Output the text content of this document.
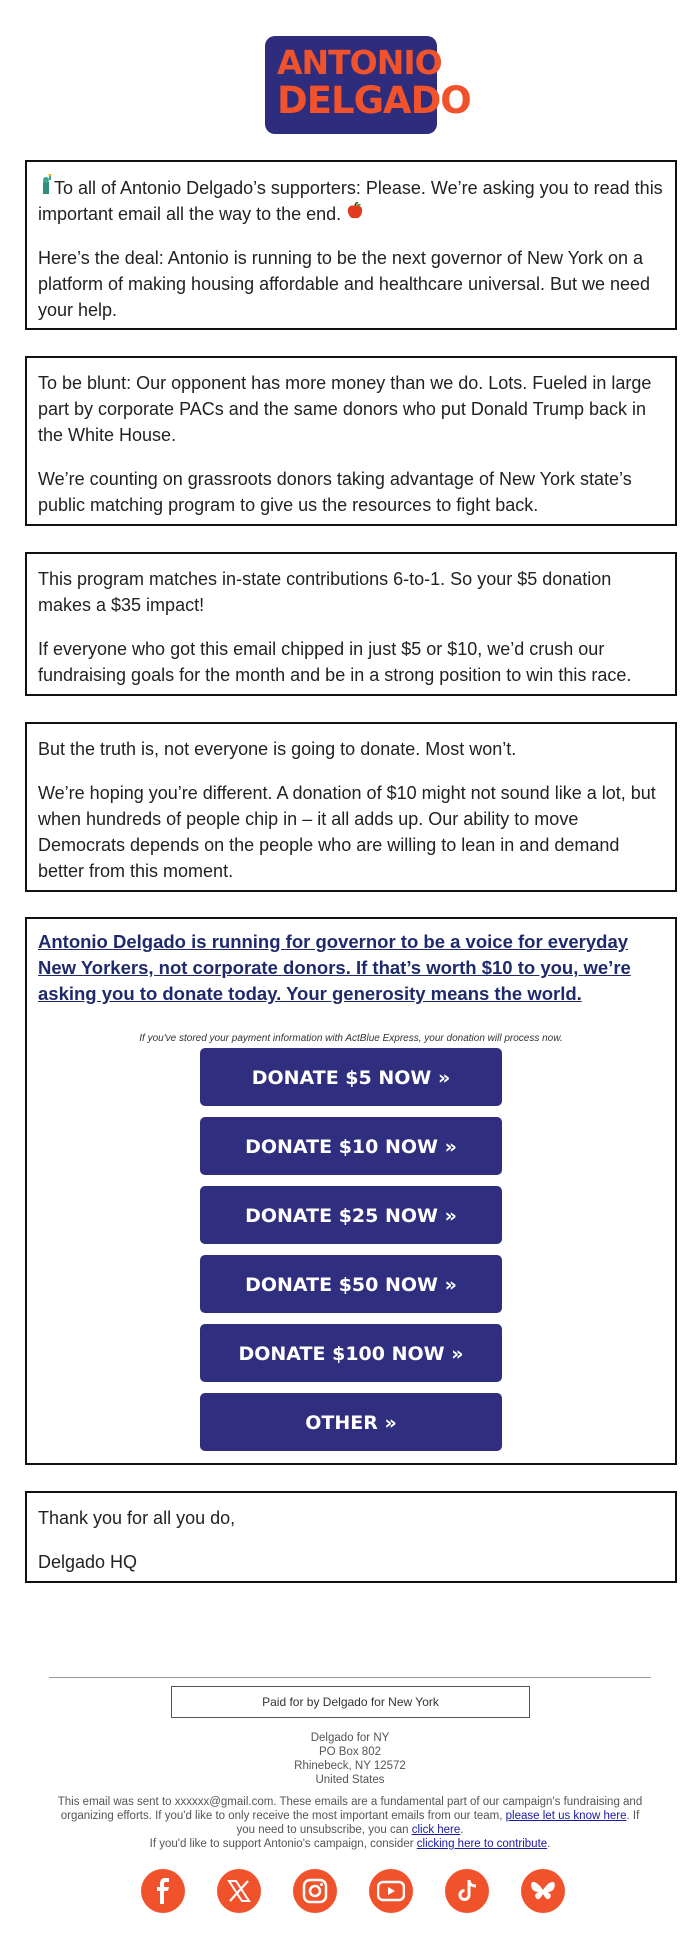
ANTONIO FOR
NY
DELGADO

To all of Antonio Delgado’s supporters: Please. We’re asking you to read this important email all the way to the end.

Here’s the deal: Antonio is running to be the next governor of New York on a platform of making housing affordable and healthcare universal. But we need your help.

To be blunt: Our opponent has more money than we do. Lots. Fueled in large part by corporate PACs and the same donors who put Donald Trump back in the White House.

We’re counting on grassroots donors taking advantage of New York state’s public matching program to give us the resources to fight back.

This program matches in-state contributions 6-to-1. So your $5 donation makes a $35 impact!

If everyone who got this email chipped in just $5 or $10, we’d crush our fundraising goals for the month and be in a strong position to win this race.

But the truth is, not everyone is going to donate. Most won’t.

We’re hoping you’re different. A donation of $10 might not sound like a lot, but when hundreds of people chip in – it all adds up. Our ability to move Democrats depends on the people who are willing to lean in and demand better from this moment.

Antonio Delgado is running for governor to be a voice for everyday New Yorkers, not corporate donors. If that’s worth $10 to you, we’re asking you to donate today. Your generosity means the world.
If you've stored your payment information with ActBlue Express, your donation will process now.
DONATE $5 NOW »
DONATE $10 NOW »
DONATE $25 NOW »
DONATE $50 NOW »
DONATE $100 NOW »
OTHER »

Thank you for all you do,

Delgado HQ

Paid for by Delgado for New York
Delgado for NY
PO Box 802
Rhinebeck, NY 12572
United States
This email was sent to xxxxxx@gmail.com. These emails are a fundamental part of our campaign's fundraising and organizing efforts. If you'd like to only receive the most important emails from our team, please let us know here. If you need to unsubscribe, you can click here.
If you'd like to support Antonio's campaign, consider clicking here to contribute.
